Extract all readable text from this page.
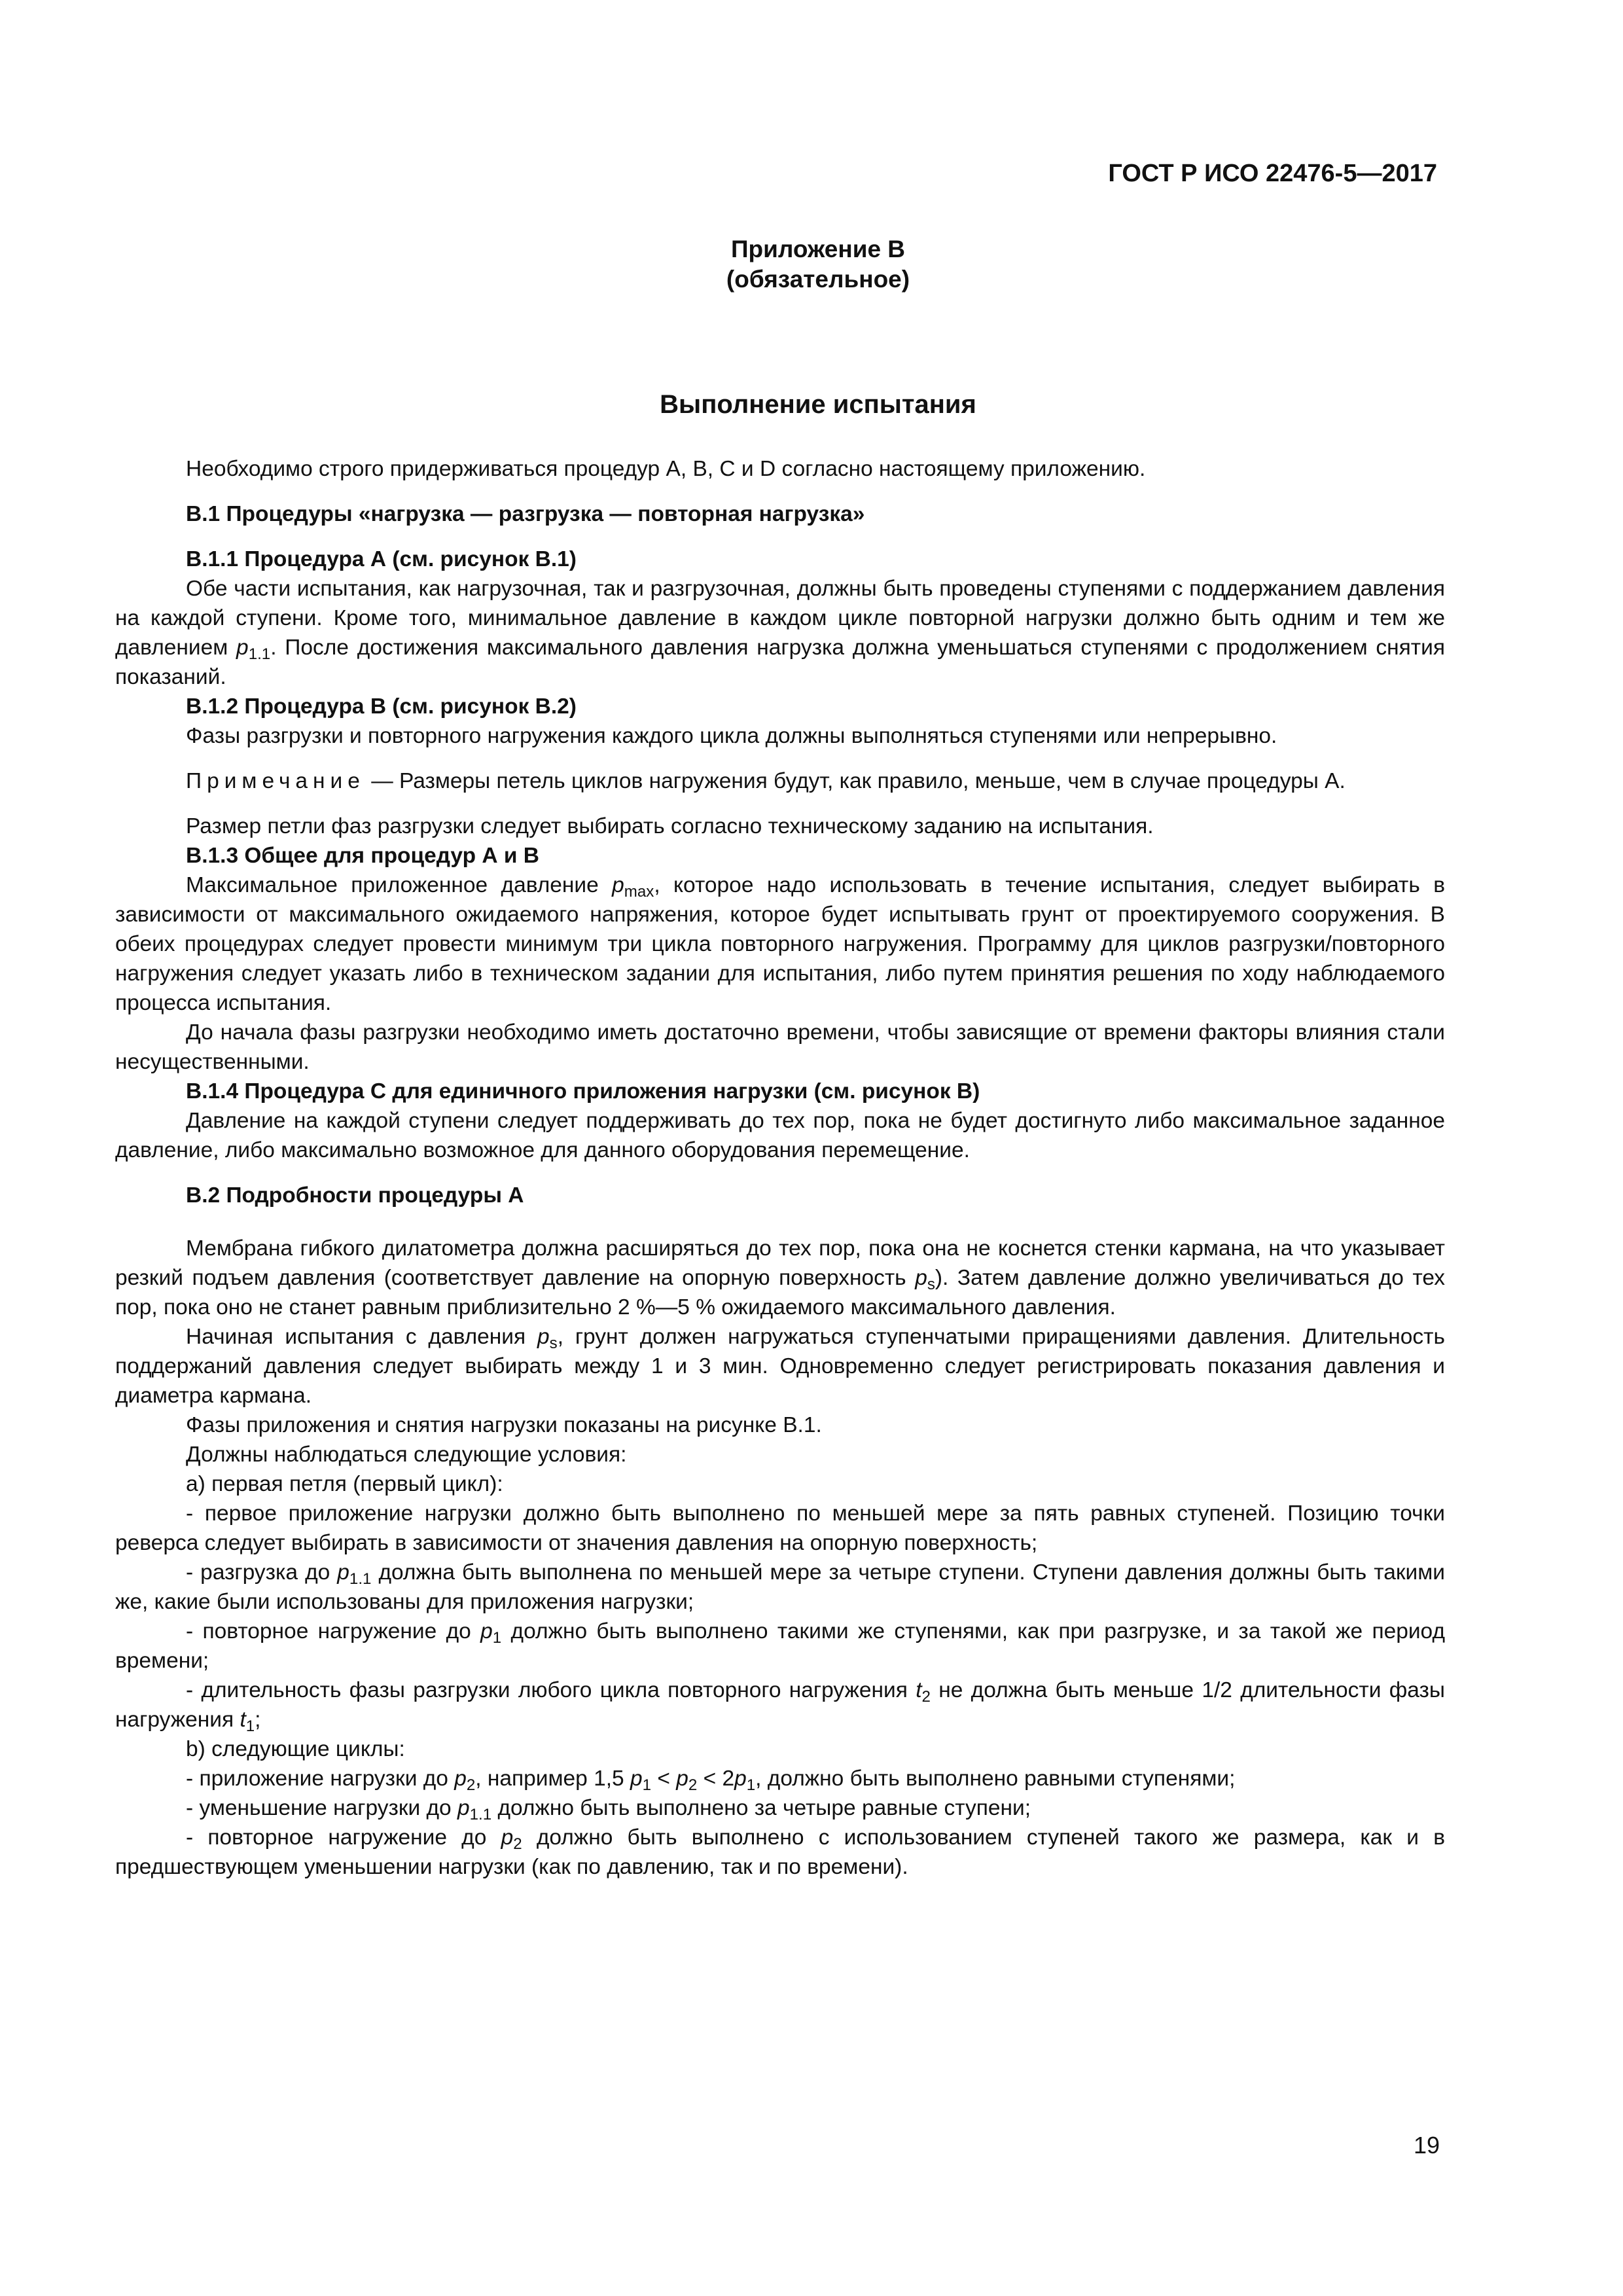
ГОСТ Р ИСО 22476-5—2017
Приложение В
(обязательное)
Выполнение испытания

Необходимо строго придерживаться процедур А, В, С и D согласно настоящему приложению.

В.1 Процедуры «нагрузка — разгрузка — повторная нагрузка»

В.1.1 Процедура А (см. рисунок В.1)

Обе части испытания, как нагрузочная, так и разгрузочная, должны быть проведены ступенями с поддержанием давления на каждой ступени. Кроме того, минимальное давление в каждом цикле повторной нагрузки должно быть одним и тем же давлением $p_{1.1}$. После достижения максимального давления нагрузка должна уменьшаться ступенями с продолжением снятия показаний.

В.1.2 Процедура В (см. рисунок В.2)

Фазы разгрузки и повторного нагружения каждого цикла должны выполняться ступенями или непрерывно.

Примечание — Размеры петель циклов нагружения будут, как правило, меньше, чем в случае процедуры А.

Размер петли фаз разгрузки следует выбирать согласно техническому заданию на испытания.

В.1.3 Общее для процедур А и В

Максимальное приложенное давление $p_{max}$, которое надо использовать в течение испытания, следует выбирать в зависимости от максимального ожидаемого напряжения, которое будет испытывать грунт от проектируемого сооружения. В обеих процедурах следует провести минимум три цикла повторного нагружения. Программу для циклов разгрузки/повторного нагружения следует указать либо в техническом задании для испытания, либо путем принятия решения по ходу наблюдаемого процесса испытания.

До начала фазы разгрузки необходимо иметь достаточно времени, чтобы зависящие от времени факторы влияния стали несущественными.

В.1.4 Процедура С для единичного приложения нагрузки (см. рисунок В)

Давление на каждой ступени следует поддерживать до тех пор, пока не будет достигнуто либо максимальное заданное давление, либо максимально возможное для данного оборудования перемещение.

В.2 Подробности процедуры А

Мембрана гибкого дилатометра должна расширяться до тех пор, пока она не коснется стенки кармана, на что указывает резкий подъем давления (соответствует давление на опорную поверхность $p_s$). Затем давление должно увеличиваться до тех пор, пока оно не станет равным приблизительно 2 %—5 % ожидаемого максимального давления.

Начиная испытания с давления $p_s$, грунт должен нагружаться ступенчатыми приращениями давления. Длительность поддержаний давления следует выбирать между 1 и 3 мин. Одновременно следует регистрировать показания давления и диаметра кармана.

Фазы приложения и снятия нагрузки показаны на рисунке В.1.

Должны наблюдаться следующие условия:

a) первая петля (первый цикл):

- первое приложение нагрузки должно быть выполнено по меньшей мере за пять равных ступеней. Позицию точки реверса следует выбирать в зависимости от значения давления на опорную поверхность;

- разгрузка до $p_{1.1}$ должна быть выполнена по меньшей мере за четыре ступени. Ступени давления должны быть такими же, какие были использованы для приложения нагрузки;

- повторное нагружение до $p_1$ должно быть выполнено такими же ступенями, как при разгрузке, и за такой же период времени;

- длительность фазы разгрузки любого цикла повторного нагружения $t_2$ не должна быть меньше 1/2 длительности фазы нагружения $t_1$;

b) следующие циклы:

- приложение нагрузки до $p_2$, например 1,5 $p_1 < p_2 < 2p_1$, должно быть выполнено равными ступенями;

- уменьшение нагрузки до $p_{1.1}$ должно быть выполнено за четыре равные ступени;

- повторное нагружение до $p_2$ должно быть выполнено с использованием ступеней такого же размера, как и в предшествующем уменьшении нагрузки (как по давлению, так и по времени).

19
